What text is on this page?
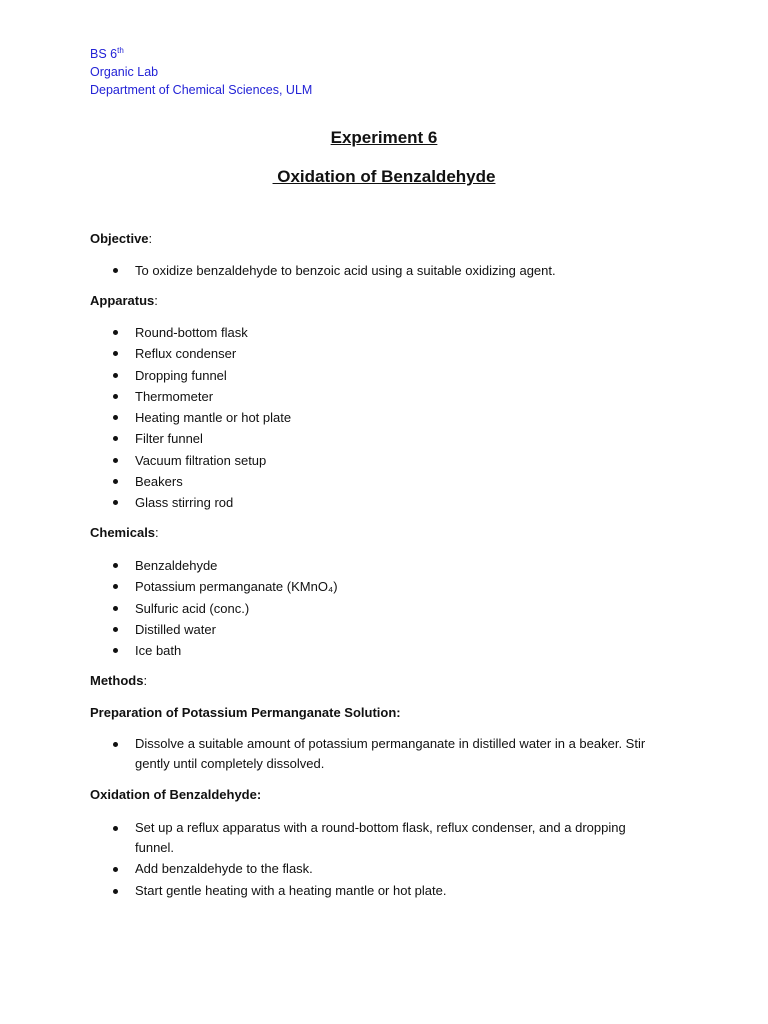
BS 6th
Organic Lab
Department of Chemical Sciences, ULM
Experiment 6
Oxidation of Benzaldehyde
Objective:
To oxidize benzaldehyde to benzoic acid using a suitable oxidizing agent.
Apparatus:
Round-bottom flask
Reflux condenser
Dropping funnel
Thermometer
Heating mantle or hot plate
Filter funnel
Vacuum filtration setup
Beakers
Glass stirring rod
Chemicals:
Benzaldehyde
Potassium permanganate (KMnO₄)
Sulfuric acid (conc.)
Distilled water
Ice bath
Methods:
Preparation of Potassium Permanganate Solution:
Dissolve a suitable amount of potassium permanganate in distilled water in a beaker. Stir gently until completely dissolved.
Oxidation of Benzaldehyde:
Set up a reflux apparatus with a round-bottom flask, reflux condenser, and a dropping funnel.
Add benzaldehyde to the flask.
Start gentle heating with a heating mantle or hot plate.
